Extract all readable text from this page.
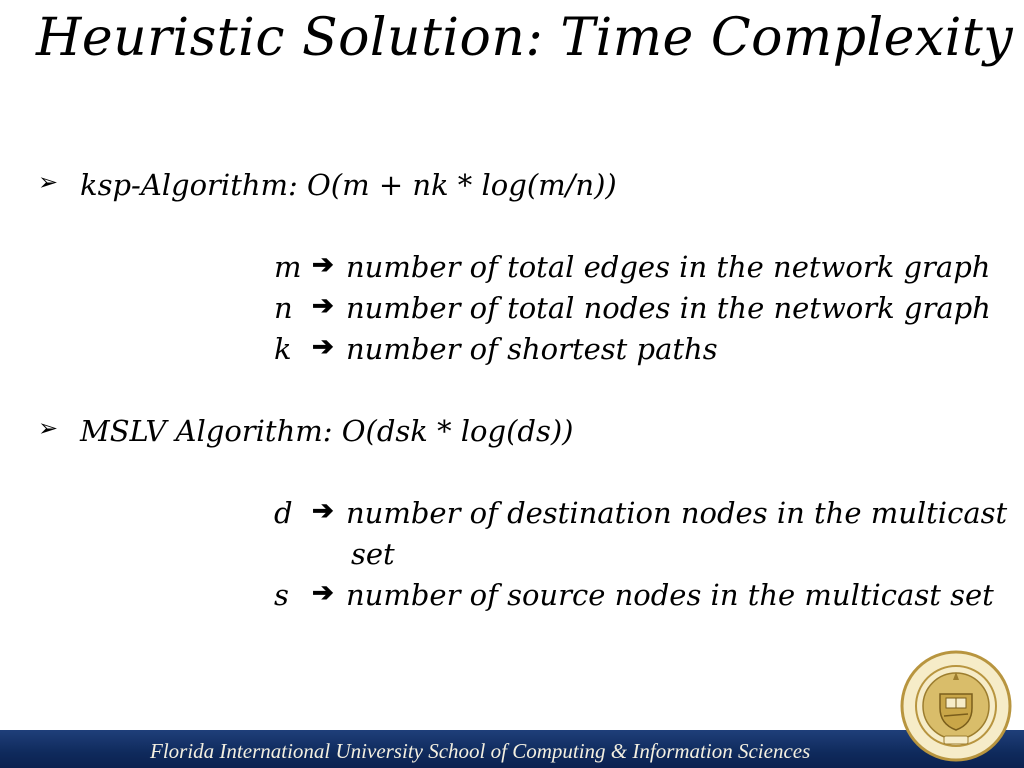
Heuristic Solution: Time Complexity
➢ ksp-Algorithm: O(m + nk * log(m/n))
m ➔ number of total edges in the network graph
n ➔ number of total nodes in the network graph
k ➔ number of shortest paths
➢ MSLV Algorithm: O(dsk * log(ds))
d ➔ number of destination nodes in the multicast
set
s ➔ number of source nodes in the multicast set
Florida International University School of Computing & Information Sciences
